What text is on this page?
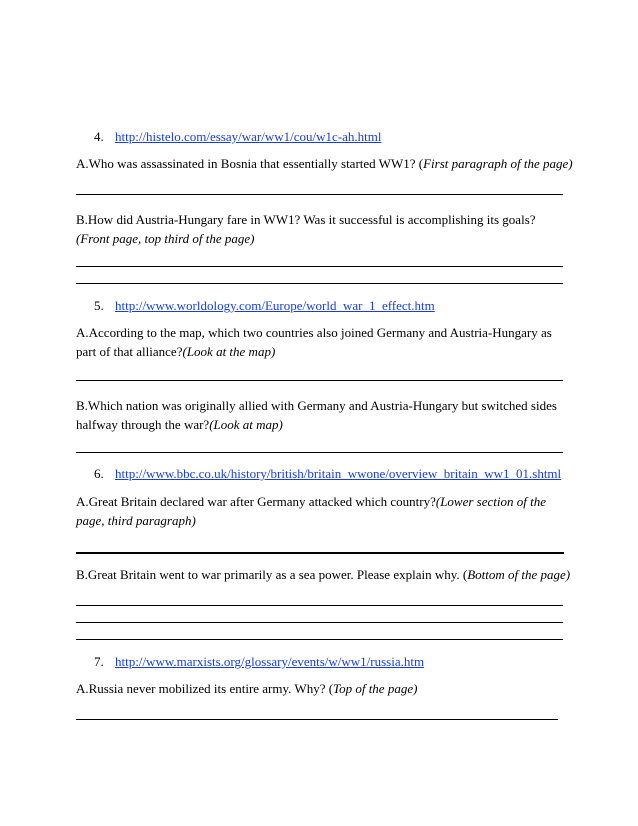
4. http://histelo.com/essay/war/ww1/cou/w1c-ah.html
A.Who was assassinated in Bosnia that essentially started WW1? (First paragraph of the page)
B.How did Austria-Hungary fare in WW1? Was it successful is accomplishing its goals?(Front page, top third of the page)
5. http://www.worldology.com/Europe/world_war_1_effect.htm
A.According to the map, which two countries also joined Germany and Austria-Hungary as part of that alliance?(Look at the map)
B.Which nation was originally allied with Germany and Austria-Hungary but switched sides halfway through the war?(Look at map)
6. http://www.bbc.co.uk/history/british/britain_wwone/overview_britain_ww1_01.shtml
A.Great Britain declared war after Germany attacked which country?(Lower section of the page, third paragraph)
B.Great Britain went to war primarily as a sea power. Please explain why. (Bottom of the page)
7. http://www.marxists.org/glossary/events/w/ww1/russia.htm
A.Russia never mobilized its entire army. Why? (Top of the page)
